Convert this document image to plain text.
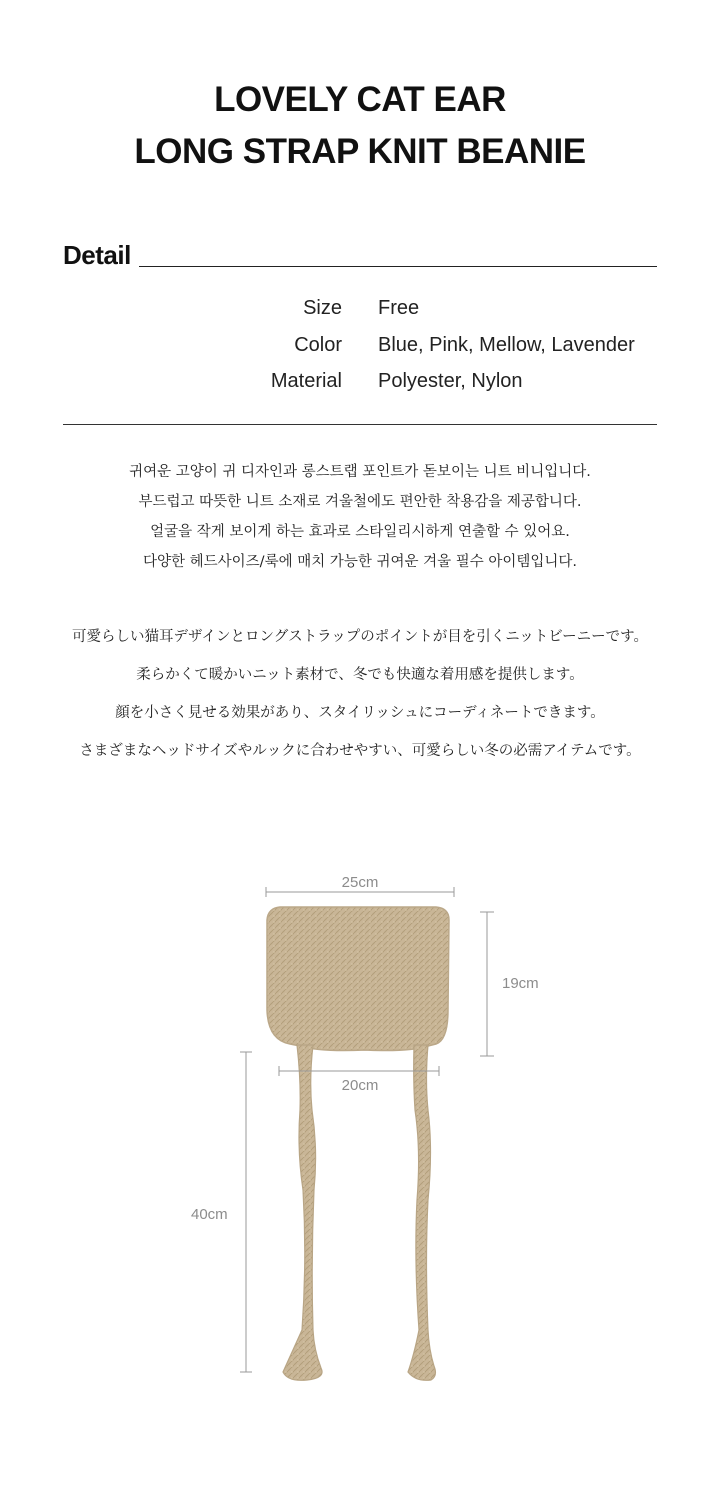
LOVELY CAT EAR
LONG STRAP KNIT BEANIE
Detail
Size Free
Color Blue, Pink, Mellow, Lavender
Material Polyester, Nylon
귀여운 고양이 귀 디자인과 롱스트랩 포인트가 돋보이는 니트 비니입니다.
부드럽고 따뜻한 니트 소재로 겨울철에도 편안한 착용감을 제공합니다.
얼굴을 작게 보이게 하는 효과로 스타일리시하게 연출할 수 있어요.
다양한 헤드사이즈/룩에 매치 가능한 귀여운 겨울 필수 아이템입니다.
可愛らしい猫耳デザインとロングストラップのポイントが目を引くニットビーニーです。
柔らかくて暖かいニット素材で、冬でも快適な着用感を提供します。
顔を小さく見せる効果があり、スタイリッシュにコーディネートできます。
さまざまなヘッドサイズやルックに合わせやすい、可愛らしい冬の必需アイテムです。
25cm
19cm
20cm
40cm
